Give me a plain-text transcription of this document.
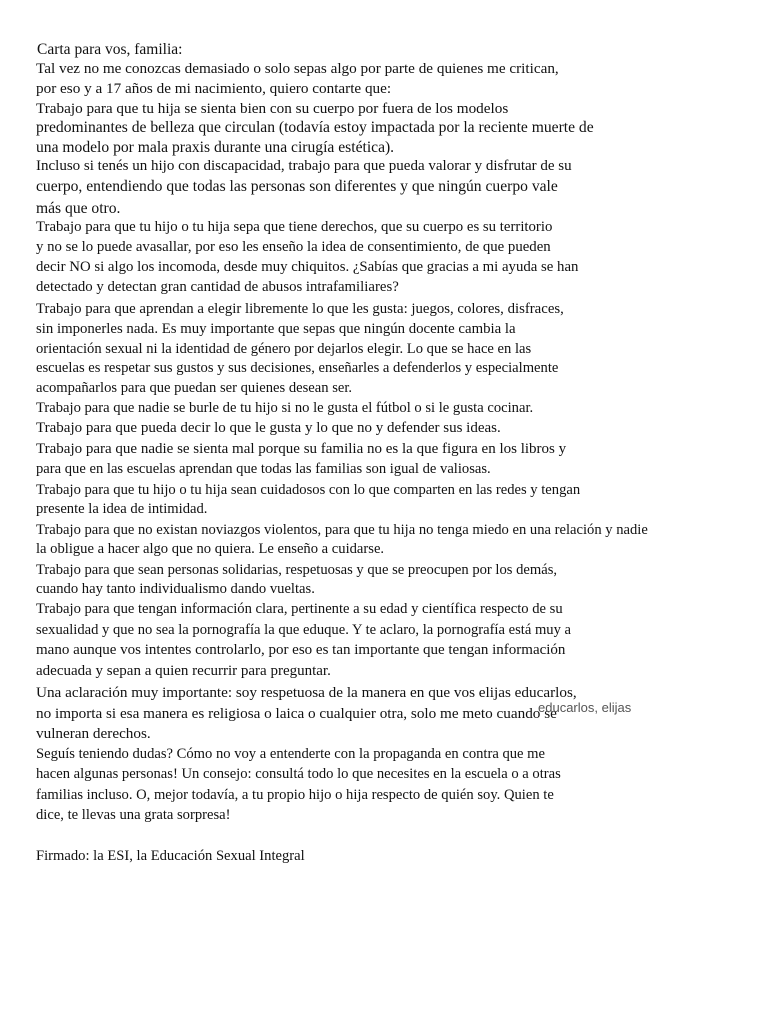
Carta para vos, familia:
Tal vez no me conozcas demasiado o solo sepas algo por parte de quienes me critican,
por eso y a 17 años de mi nacimiento, quiero contarte que:
Trabajo para que tu hija se sienta bien con su cuerpo por fuera de los modelos
predominantes de belleza que circulan (todavía estoy impactada por la reciente muerte de
una modelo por mala praxis durante una cirugía estética).
Incluso si tenés un hijo con discapacidad, trabajo para que pueda valorar y disfrutar de su
cuerpo, entendiendo que todas las personas son diferentes y que ningún cuerpo vale
más que otro.
Trabajo para que tu hijo o tu hija sepa que tiene derechos, que su cuerpo es su territorio
y no se lo puede avasallar, por eso les enseño la idea de consentimiento, de que pueden
decir NO si algo los incomoda, desde muy chiquitos. ¿Sabías que gracias a mi ayuda se han
detectado y detectan gran cantidad de abusos intrafamiliares?
Trabajo para que aprendan a elegir libremente lo que les gusta: juegos, colores, disfraces,
sin imponerles nada. Es muy importante que sepas que ningún docente cambia la
orientación sexual ni la identidad de género por dejarlos elegir. Lo que se hace en las
escuelas es respetar sus gustos y sus decisiones, enseñarles a defenderlos y especialmente
acompañarlos para que puedan ser quienes desean ser.
Trabajo para que nadie se burle de tu hijo si no le gusta el fútbol o si le gusta cocinar.
Trabajo para que pueda decir lo que le gusta y lo que no y defender sus ideas.
Trabajo para que nadie se sienta mal porque su familia no es la que figura en los libros y
para que en las escuelas aprendan que todas las familias son igual de valiosas.
Trabajo para que tu hijo o tu hija sean cuidadosos con lo que comparten en las redes y tengan
presente la idea de intimidad.
Trabajo para que no existan noviazgos violentos, para que tu hija no tenga miedo en una relación y nadie
la obligue a hacer algo que no quiera. Le enseño a cuidarse.
Trabajo para que sean personas solidarias, respetuosas y que se preocupen por los demás,
cuando hay tanto individualismo dando vueltas.
Trabajo para que tengan información clara, pertinente a su edad y científica respecto de su
sexualidad y que no sea la pornografía la que eduque. Y te aclaro, la pornografía está muy a
mano aunque vos intentes controlarlo, por eso es tan importante que tengan información
adecuada y sepan a quien recurrir para preguntar.
Una aclaración muy importante: soy respetuosa de la manera en que vos elijas educarlos,
no importa si esa manera es religiosa o laica o cualquier otra, solo me meto cuando se
vulneran derechos.
Seguís teniendo dudas? Cómo no voy a entenderte con la propaganda en contra que me
hacen algunas personas! Un consejo: consultá todo lo que necesites en la escuela o a otras
familias incluso. O, mejor todavía, a tu propio hijo o hija respecto de quién soy. Quien te
dice, te llevas una grata sorpresa!
educarlos, elijas
Firmado: la ESI, la Educación Sexual Integral
